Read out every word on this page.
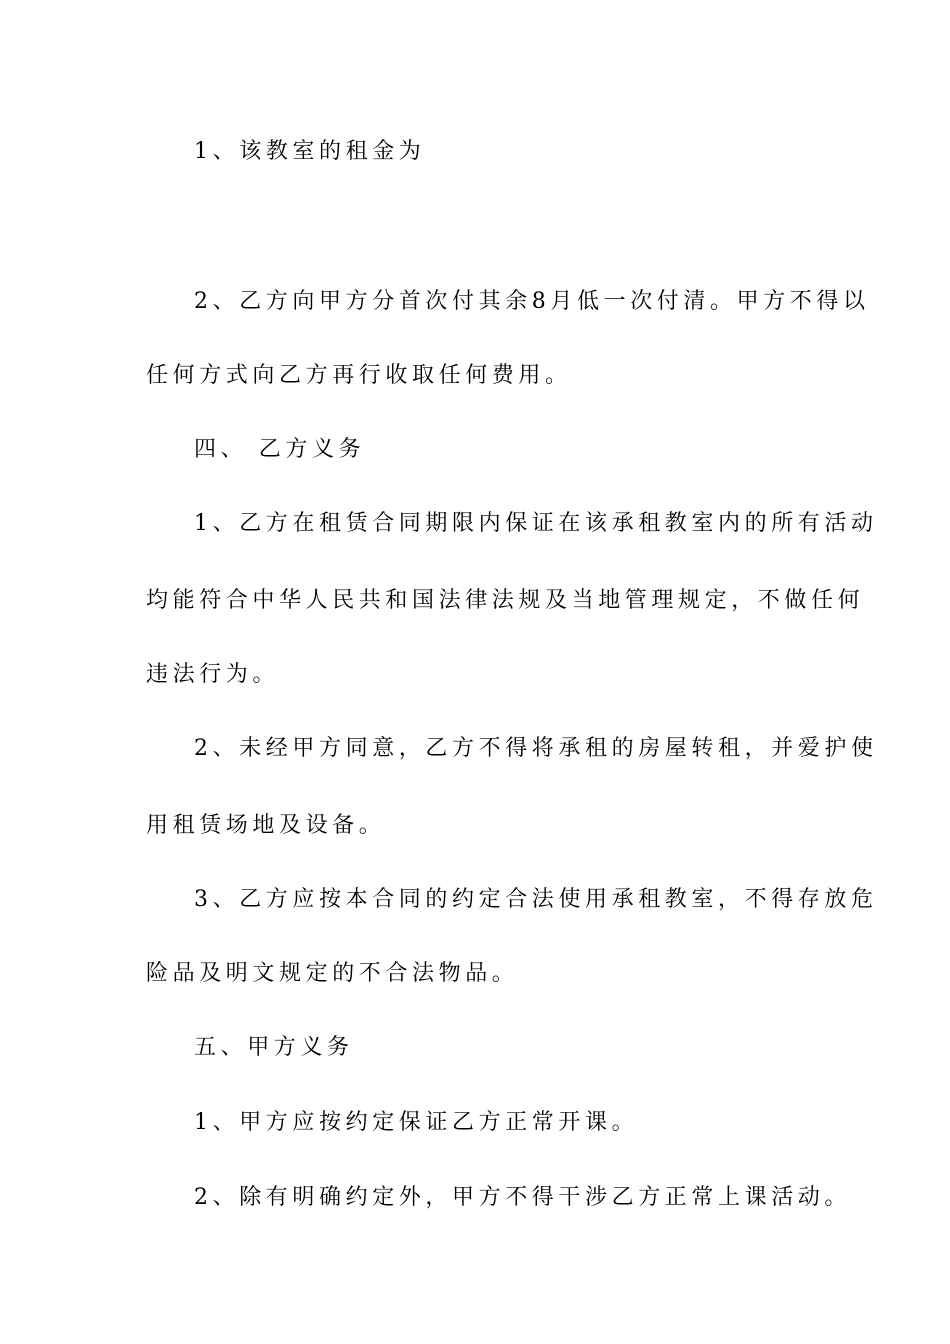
1、该教室的租金为
2、乙方向甲方分首次付其余8月低一次付清。甲方不得以
任何方式向乙方再行收取任何费用。
四、 乙方义务
1、乙方在租赁合同期限内保证在该承租教室内的所有活动
均能符合中华人民共和国法律法规及当地管理规定，不做任何
违法行为。
2、未经甲方同意，乙方不得将承租的房屋转租，并爱护使
用租赁场地及设备。
3、乙方应按本合同的约定合法使用承租教室，不得存放危
险品及明文规定的不合法物品。
五、甲方义务
1、甲方应按约定保证乙方正常开课。
2、除有明确约定外，甲方不得干涉乙方正常上课活动。
